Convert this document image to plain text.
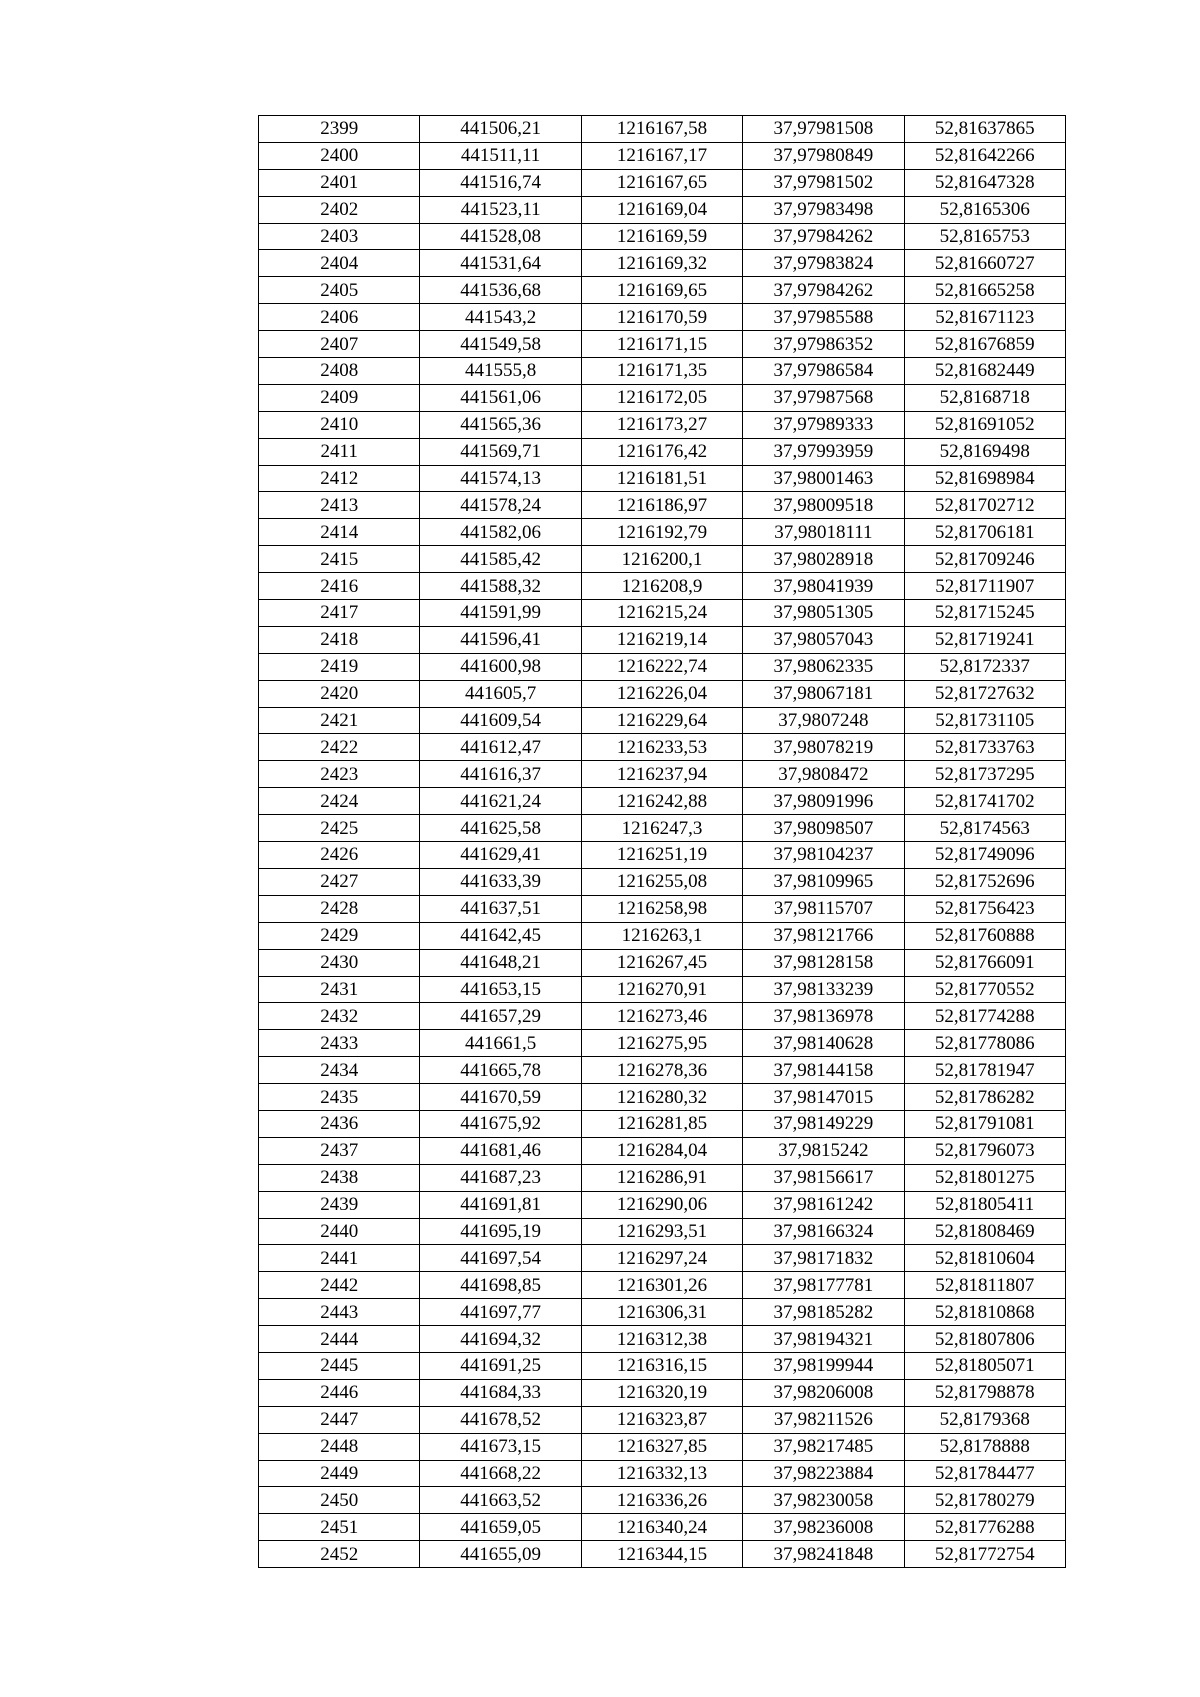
2399	441506,21	1216167,58	37,97981508	52,81637865
2400	441511,11	1216167,17	37,97980849	52,81642266
2401	441516,74	1216167,65	37,97981502	52,81647328
2402	441523,11	1216169,04	37,97983498	52,8165306
2403	441528,08	1216169,59	37,97984262	52,8165753
2404	441531,64	1216169,32	37,97983824	52,81660727
2405	441536,68	1216169,65	37,97984262	52,81665258
2406	441543,2	1216170,59	37,97985588	52,81671123
2407	441549,58	1216171,15	37,97986352	52,81676859
2408	441555,8	1216171,35	37,97986584	52,81682449
2409	441561,06	1216172,05	37,97987568	52,8168718
2410	441565,36	1216173,27	37,97989333	52,81691052
2411	441569,71	1216176,42	37,97993959	52,8169498
2412	441574,13	1216181,51	37,98001463	52,81698984
2413	441578,24	1216186,97	37,98009518	52,81702712
2414	441582,06	1216192,79	37,98018111	52,81706181
2415	441585,42	1216200,1	37,98028918	52,81709246
2416	441588,32	1216208,9	37,98041939	52,81711907
2417	441591,99	1216215,24	37,98051305	52,81715245
2418	441596,41	1216219,14	37,98057043	52,81719241
2419	441600,98	1216222,74	37,98062335	52,8172337
2420	441605,7	1216226,04	37,98067181	52,81727632
2421	441609,54	1216229,64	37,9807248	52,81731105
2422	441612,47	1216233,53	37,98078219	52,81733763
2423	441616,37	1216237,94	37,9808472	52,81737295
2424	441621,24	1216242,88	37,98091996	52,81741702
2425	441625,58	1216247,3	37,98098507	52,8174563
2426	441629,41	1216251,19	37,98104237	52,81749096
2427	441633,39	1216255,08	37,98109965	52,81752696
2428	441637,51	1216258,98	37,98115707	52,81756423
2429	441642,45	1216263,1	37,98121766	52,81760888
2430	441648,21	1216267,45	37,98128158	52,81766091
2431	441653,15	1216270,91	37,98133239	52,81770552
2432	441657,29	1216273,46	37,98136978	52,81774288
2433	441661,5	1216275,95	37,98140628	52,81778086
2434	441665,78	1216278,36	37,98144158	52,81781947
2435	441670,59	1216280,32	37,98147015	52,81786282
2436	441675,92	1216281,85	37,98149229	52,81791081
2437	441681,46	1216284,04	37,9815242	52,81796073
2438	441687,23	1216286,91	37,98156617	52,81801275
2439	441691,81	1216290,06	37,98161242	52,81805411
2440	441695,19	1216293,51	37,98166324	52,81808469
2441	441697,54	1216297,24	37,98171832	52,81810604
2442	441698,85	1216301,26	37,98177781	52,81811807
2443	441697,77	1216306,31	37,98185282	52,81810868
2444	441694,32	1216312,38	37,98194321	52,81807806
2445	441691,25	1216316,15	37,98199944	52,81805071
2446	441684,33	1216320,19	37,98206008	52,81798878
2447	441678,52	1216323,87	37,98211526	52,8179368
2448	441673,15	1216327,85	37,98217485	52,8178888
2449	441668,22	1216332,13	37,98223884	52,81784477
2450	441663,52	1216336,26	37,98230058	52,81780279
2451	441659,05	1216340,24	37,98236008	52,81776288
2452	441655,09	1216344,15	37,98241848	52,81772754
